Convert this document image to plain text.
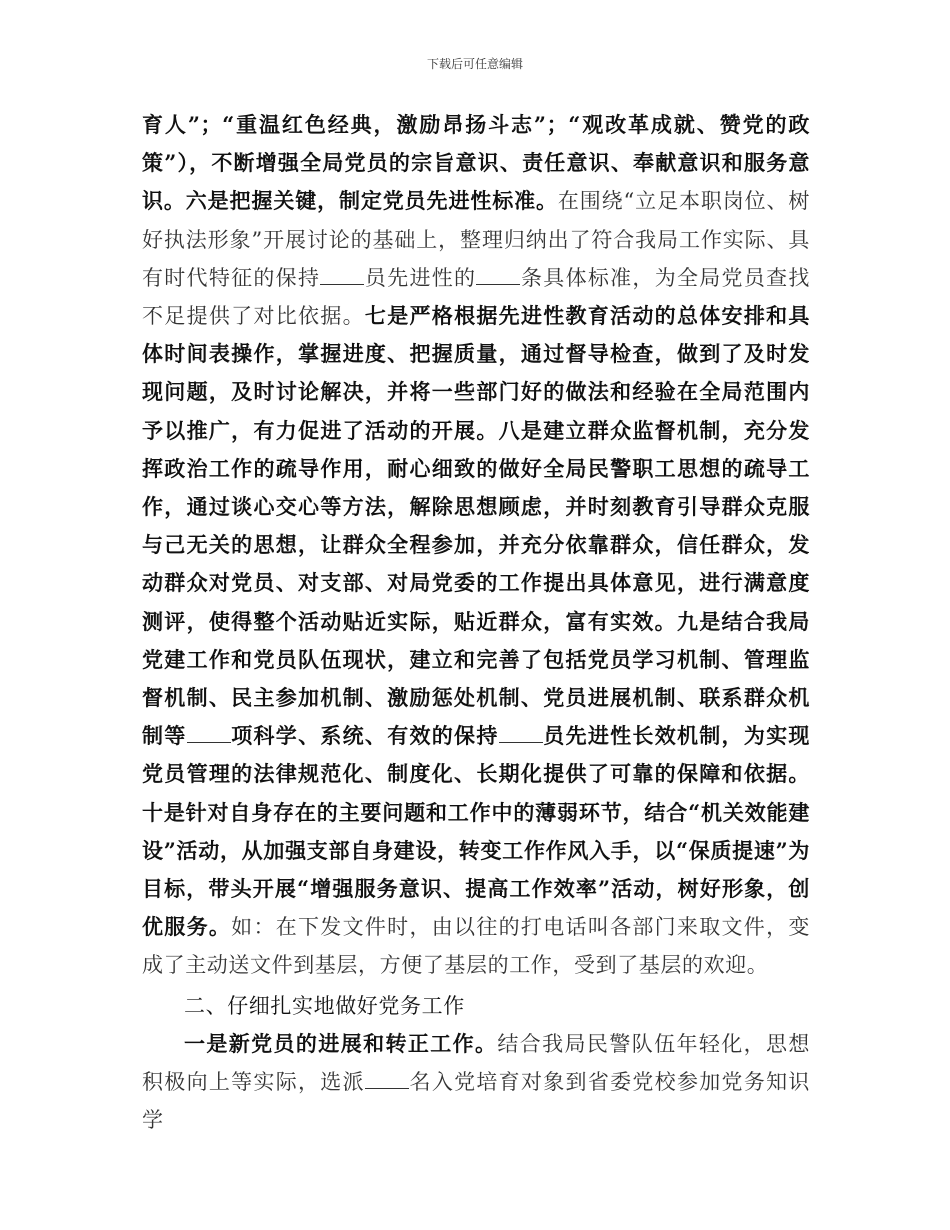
下载后可任意编辑

育人”；“重温红色经典，激励昂扬斗志”；“观改革成就、赞党的政策”），不断增强全局党员的宗旨意识、责任意识、奉献意识和服务意识。六是把握关键，制定党员先进性标准。在围绕“立足本职岗位、树好执法形象”开展讨论的基础上，整理归纳出了符合我局工作实际、具有时代特征的保持 员先进性的 条具体标准，为全局党员查找不足提供了对比依据。七是严格根据先进性教育活动的总体安排和具体时间表操作，掌握进度、把握质量，通过督导检查，做到了及时发现问题，及时讨论解决，并将一些部门好的做法和经验在全局范围内予以推广，有力促进了活动的开展。八是建立群众监督机制，充分发挥政治工作的疏导作用，耐心细致的做好全局民警职工思想的疏导工作，通过谈心交心等方法，解除思想顾虑，并时刻教育引导群众克服与己无关的思想，让群众全程参加，并充分依靠群众，信任群众，发动群众对党员、对支部、对局党委的工作提出具体意见，进行满意度测评，使得整个活动贴近实际，贴近群众，富有实效。九是结合我局党建工作和党员队伍现状，建立和完善了包括党员学习机制、管理监督机制、民主参加机制、激励惩处机制、党员进展机制、联系群众机制等 项科学、系统、有效的保持 员先进性长效机制，为实现党员管理的法律规范化、制度化、长期化提供了可靠的保障和依据。十是针对自身存在的主要问题和工作中的薄弱环节，结合“机关效能建设”活动，从加强支部自身建设，转变工作作风入手，以“保质提速”为目标，带头开展“增强服务意识、提高工作效率”活动，树好形象，创优服务。如：在下发文件时，由以往的打电话叫各部门来取文件，变成了主动送文件到基层，方便了基层的工作，受到了基层的欢迎。

二、仔细扎实地做好党务工作

一是新党员的进展和转正工作。结合我局民警队伍年轻化，思想积极向上等实际，选派 名入党培育对象到省委党校参加党务知识学
